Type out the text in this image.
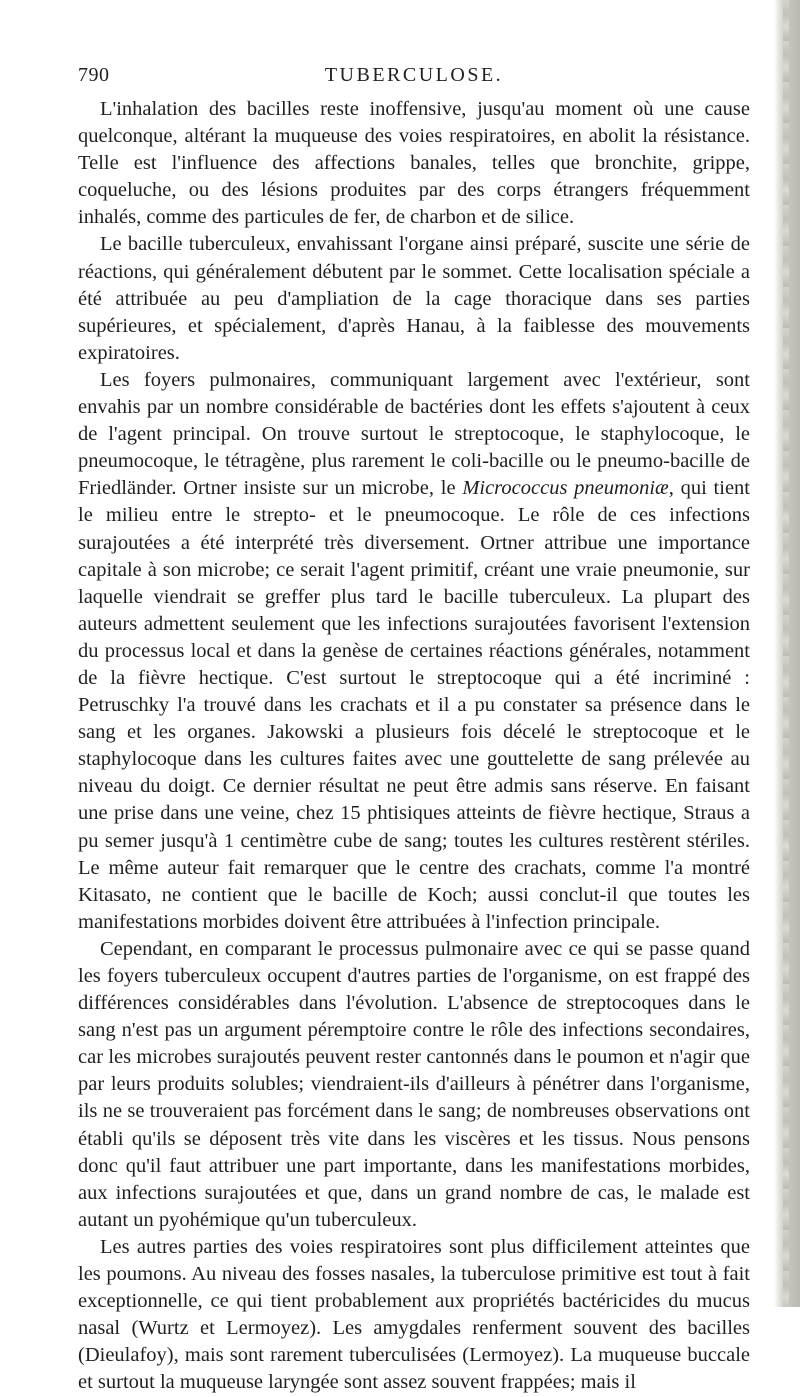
790	TUBERCULOSE.

L'inhalation des bacilles reste inoffensive, jusqu'au moment où une cause quelconque, altérant la muqueuse des voies respiratoires, en abolit la résistance. Telle est l'influence des affections banales, telles que bronchite, grippe, coqueluche, ou des lésions produites par des corps étrangers fréquemment inhalés, comme des particules de fer, de charbon et de silice.

Le bacille tuberculeux, envahissant l'organe ainsi préparé, suscite une série de réactions, qui généralement débutent par le sommet. Cette localisation spéciale a été attribuée au peu d'ampliation de la cage thoracique dans ses parties supérieures, et spécialement, d'après Hanau, à la faiblesse des mouvements expiratoires.

Les foyers pulmonaires, communiquant largement avec l'extérieur, sont envahis par un nombre considérable de bactéries dont les effets s'ajoutent à ceux de l'agent principal. On trouve surtout le streptocoque, le staphylocoque, le pneumocoque, le tétragène, plus rarement le coli-bacille ou le pneumo-bacille de Friedländer. Ortner insiste sur un microbe, le Micrococcus pneumoniæ, qui tient le milieu entre le strepto- et le pneumocoque. Le rôle de ces infections surajoutées a été interprété très diversement. Ortner attribue une importance capitale à son microbe; ce serait l'agent primitif, créant une vraie pneumonie, sur laquelle viendrait se greffer plus tard le bacille tuberculeux. La plupart des auteurs admettent seulement que les infections surajoutées favorisent l'extension du processus local et dans la genèse de certaines réactions générales, notamment de la fièvre hectique. C'est surtout le streptocoque qui a été incriminé : Petruschky l'a trouvé dans les crachats et il a pu constater sa présence dans le sang et les organes. Jakowski a plusieurs fois décelé le streptocoque et le staphylocoque dans les cultures faites avec une gouttelette de sang prélevée au niveau du doigt. Ce dernier résultat ne peut être admis sans réserve. En faisant une prise dans une veine, chez 15 phtisiques atteints de fièvre hectique, Straus a pu semer jusqu'à 1 centimètre cube de sang; toutes les cultures restèrent stériles. Le même auteur fait remarquer que le centre des crachats, comme l'a montré Kitasato, ne contient que le bacille de Koch; aussi conclut-il que toutes les manifestations morbides doivent être attribuées à l'infection principale.

Cependant, en comparant le processus pulmonaire avec ce qui se passe quand les foyers tuberculeux occupent d'autres parties de l'organisme, on est frappé des différences considérables dans l'évolution. L'absence de streptocoques dans le sang n'est pas un argument péremptoire contre le rôle des infections secondaires, car les microbes surajoutés peuvent rester cantonnés dans le poumon et n'agir que par leurs produits solubles; viendraient-ils d'ailleurs à pénétrer dans l'organisme, ils ne se trouveraient pas forcément dans le sang; de nombreuses observations ont établi qu'ils se déposent très vite dans les viscères et les tissus. Nous pensons donc qu'il faut attribuer une part importante, dans les manifestations morbides, aux infections surajoutées et que, dans un grand nombre de cas, le malade est autant un pyohémique qu'un tuberculeux.

Les autres parties des voies respiratoires sont plus difficilement atteintes que les poumons. Au niveau des fosses nasales, la tuberculose primitive est tout à fait exceptionnelle, ce qui tient probablement aux propriétés bactéricides du mucus nasal (Wurtz et Lermoyez). Les amygdales renferment souvent des bacilles (Dieulafoy), mais sont rarement tuberculisées (Lermoyez). La muqueuse buccale et surtout la muqueuse laryngée sont assez souvent frappées; mais il
